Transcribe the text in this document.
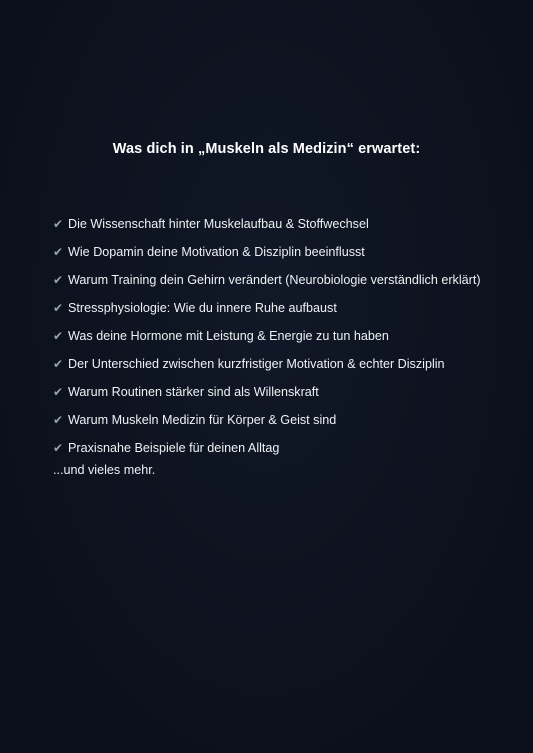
Was dich in „Muskeln als Medizin“ erwartet:
✔ Die Wissenschaft hinter Muskelaufbau & Stoffwechsel
✔ Wie Dopamin deine Motivation & Disziplin beeinflusst
✔ Warum Training dein Gehirn verändert (Neurobiologie verständlich erklärt)
✔ Stressphysiologie: Wie du innere Ruhe aufbaust
✔ Was deine Hormone mit Leistung & Energie zu tun haben
✔ Der Unterschied zwischen kurzfristiger Motivation & echter Disziplin
✔ Warum Routinen stärker sind als Willenskraft
✔ Warum Muskeln Medizin für Körper & Geist sind
✔ Praxisnahe Beispiele für deinen Alltag
...und vieles mehr.
